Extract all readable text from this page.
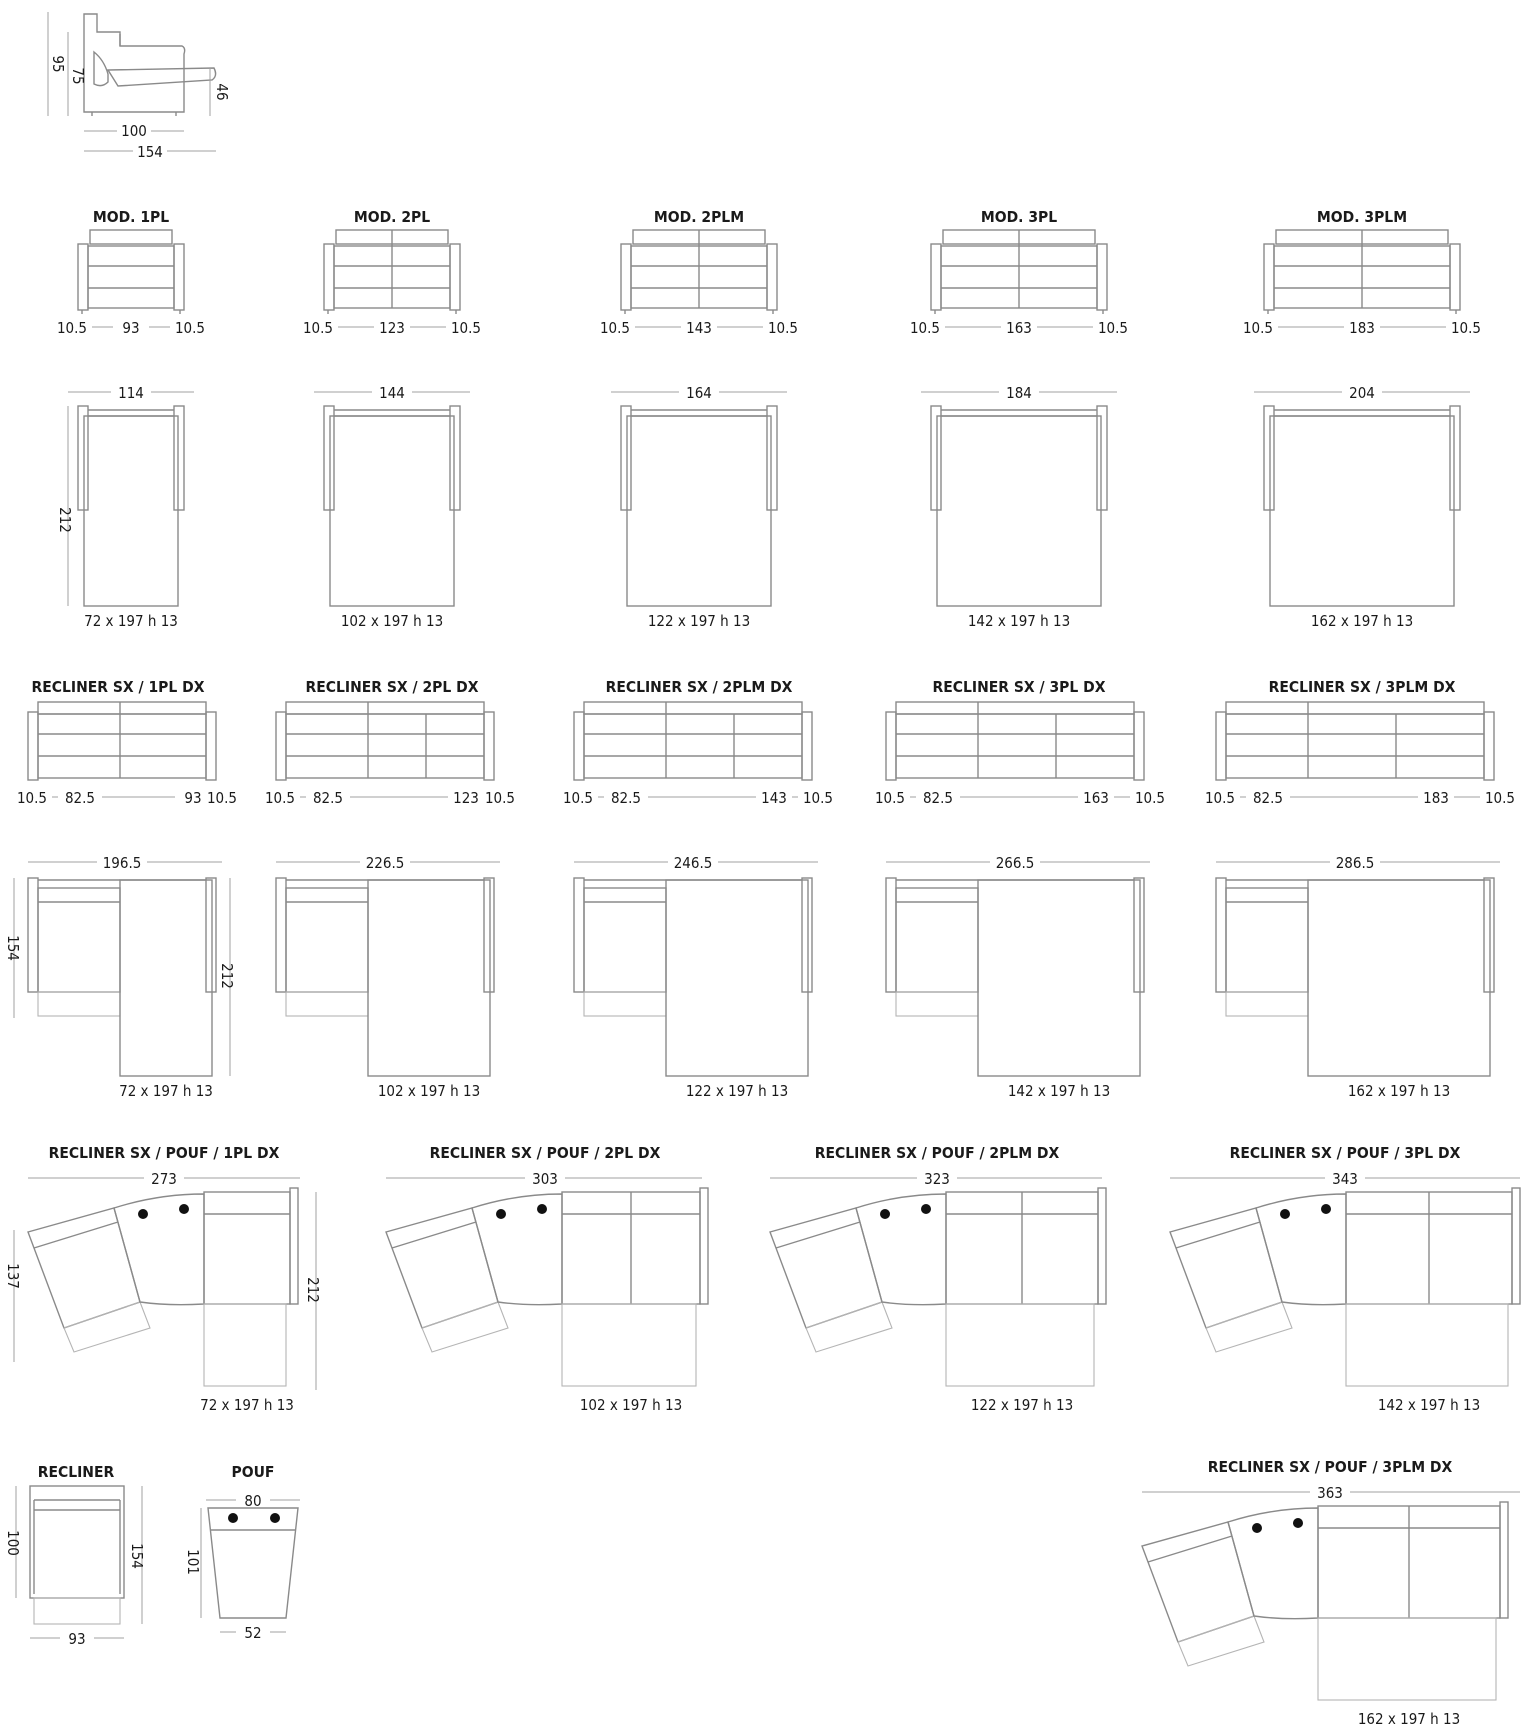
95
75
46
100
154
MOD. 1PL
10.5 93 10.5
114
212
72 x 197 h 13
MOD. 2PL
10.5	123	10.5
144
102 x 197 h 13
MOD. 2PLM
10.5	143	10.5
164
122 x 197 h 13
MOD. 3PL
10.5	163	10.5
184
142 x 197 h 13
MOD. 3PLM
10.5	183	10.5
204
162 x 197 h 13
RECLINER SX / 1PL DX
10.5 82.5	93 10.5
196.5
154
212
72 x 197 h 13
RECLINER SX / 2PL DX
10.5 82.5	123 10.5
226.5
102 x 197 h 13
RECLINER SX / 2PLM DX
10.5 82.5	143 10.5
246.5
122 x 197 h 13
RECLINER SX / 3PL DX
10.5 82.5	163 10.5
266.5
142 x 197 h 13
RECLINER SX / 3PLM DX
10.5 82.5	183 10.5
286.5
162 x 197 h 13
RECLINER SX / POUF / 1PL DX
273
137
212
72 x 197 h 13
RECLINER SX / POUF / 2PL DX
303
102 x 197 h 13
RECLINER SX / POUF / 2PLM DX
323
122 x 197 h 13
RECLINER SX / POUF / 3PL DX
343
142 x 197 h 13
RECLINER SX / POUF / 3PLM DX
363
162 x 197 h 13
RECLINER
100
154
93
POUF
80
101
52
